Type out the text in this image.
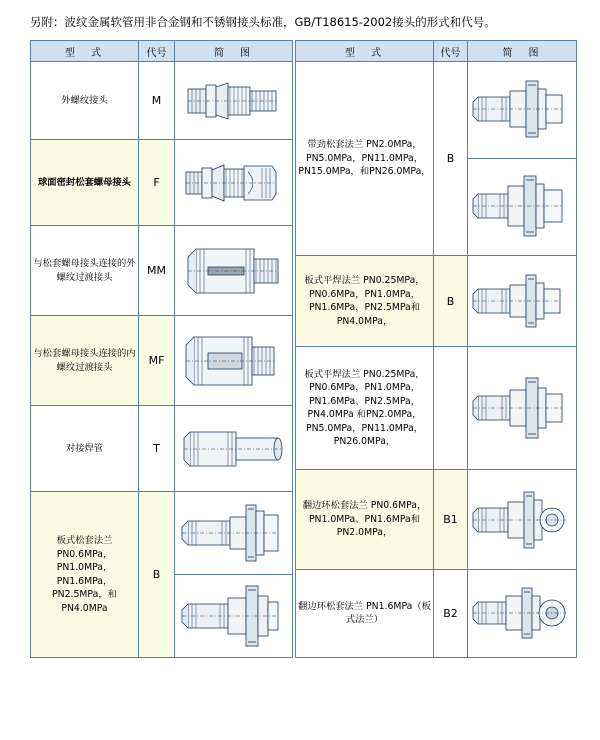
另附：波纹金属软管用非合金钢和不锈钢接头标准，GB/T18615-2002接头的形式和代号。
型　式	代号	简　图
外螺纹接头	M	

球面密封松套螺母接头	F	

与松套螺母接头连接的外螺纹过渡接头	MM	

与松套螺母接头连接的内螺纹过渡接头	MF	

对接焊管	T	

板式松套法兰 PN0.6MPa，PN1.0MPa，PN1.6MPa，PN2.5MPa，和PN4.0MPa	B	

型　式	代号	简　图
带劲松套法兰 PN2.0MPa，PN5.0MPa，PN11.0MPa，PN15.0MPa，和PN26.0MPa，	B	

板式平焊法兰 PN0.25MPa，PN0.6MPa，PN1.0MPa，PN1.6MPa，PN2.5MPa和PN4.0MPa，	B	

板式平焊法兰 PN0.25MPa，PN0.6MPa，PN1.0MPa，PN1.6MPa、PN2.5MPa，PN4.0MPa 和PN2.0MPa，PN5.0MPa，PN11.0MPa，PN26.0MPa，		

翻边环松套法兰 PN0.6MPa，PN1.0MPa、PN1.6MPa和PN2.0MPa，	B1	

翻边环松套法兰 PN1.6MPa（板式法兰）	B2	
